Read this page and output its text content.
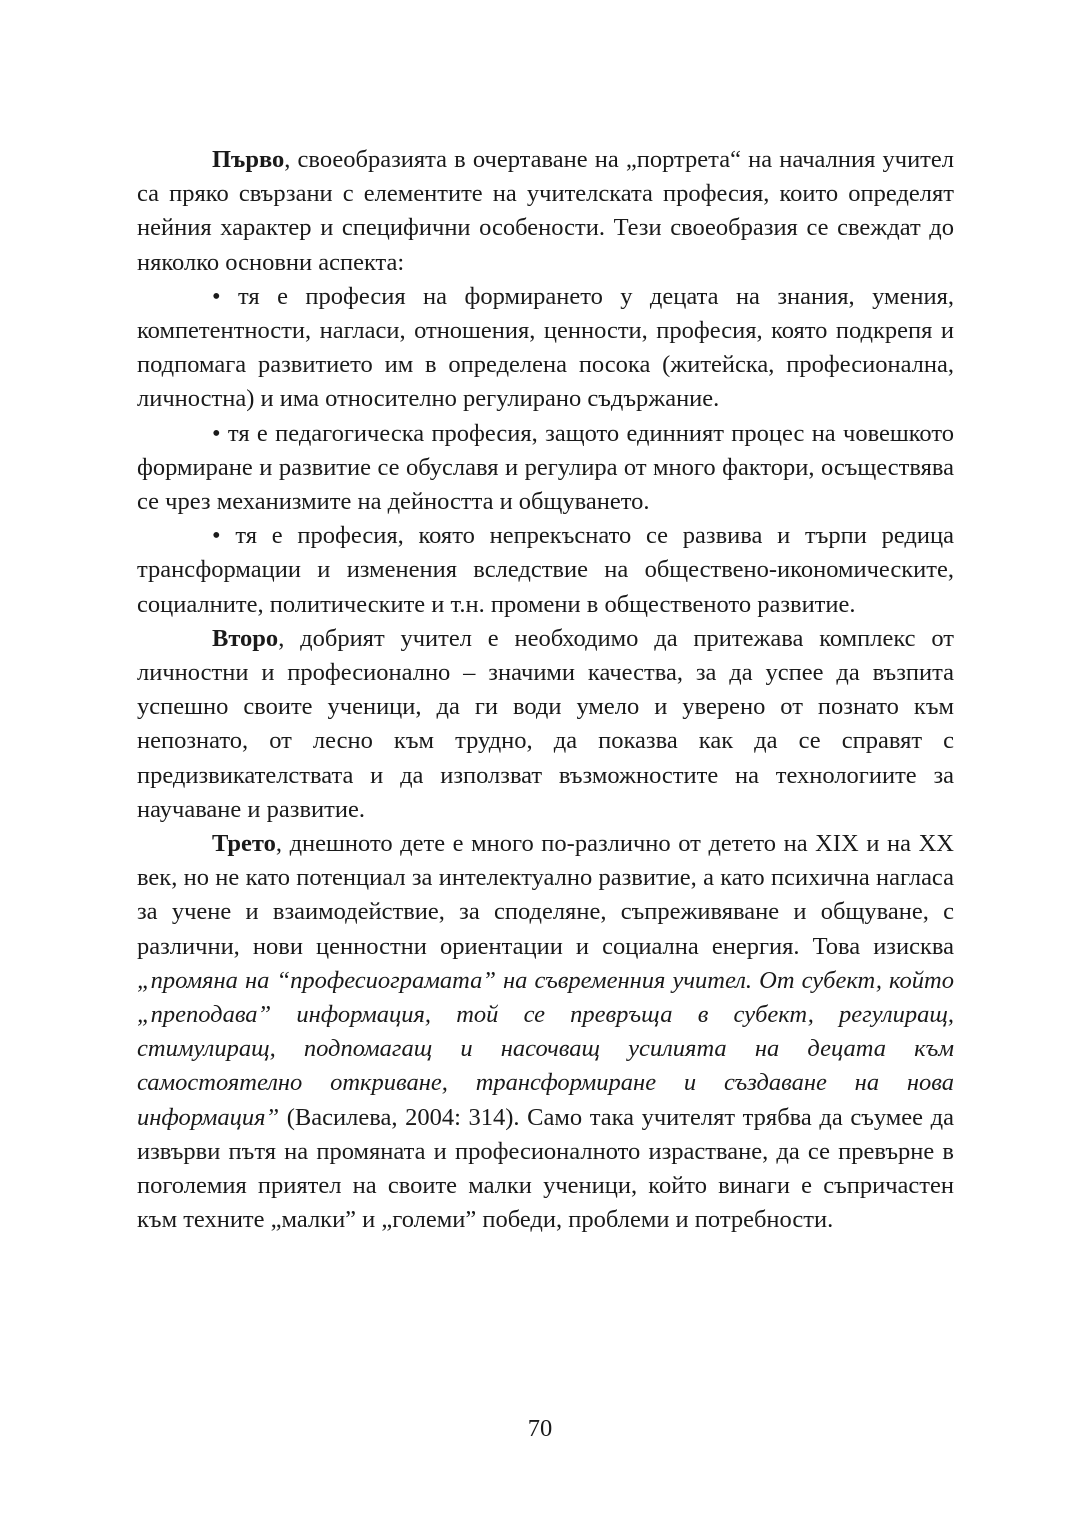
Първо, своеобразията в очертаване на „портрета“ на началния учител са пряко свързани с елементите на учителската професия, които определят нейния характер и специфични особености. Тези своеобразия се свеждат до няколко основни аспекта:

• тя е професия на формирането у децата на знания, умения, компетентности, нагласи, отношения, ценности, професия, която подкрепя и подпомага развитието им в определена посока (житейска, професионална, личностна) и има относително регулирано съдържание.

• тя е педагогическа професия, защото единният процес на човешкото формиране и развитие се обуславя и регулира от много фактори, осъществява се чрез механизмите на дейността и общуването.

• тя е професия, която непрекъснато се развива и търпи редица трансформации и изменения вследствие на обществено-икономическите, социалните, политическите и т.н. промени в общественото развитие.

Второ, добрият учител е необходимо да притежава комплекс от личностни и професионално – значими качества, за да успее да възпита успешно своите ученици, да ги води умело и уверено от познато към непознато, от лесно към трудно, да показва как да се справят с предизвикателствата и да използват възможностите на технологиите за научаване и развитие.

Трето, днешното дете е много по-различно от детето на XIX и на XX век, но не като потенциал за интелектуално развитие, а като психична нагласа за учене и взаимодействие, за споделяне, съпреживяване и общуване, с различни, нови ценностни ориентации и социална енергия. Това изисква „промяна на “професиограмата” на съвременния учител. От субект, който „преподава” информация, той се превръща в субект, регулиращ, стимулиращ, подпомагащ и насочващ усилията на децата към самостоятелно откриване, трансформиране и създаване на нова информация” (Василева, 2004: 314). Само така учителят трябва да съумее да извърви пътя на промяната и професионалното израстване, да се превърне в поголемия приятел на своите малки ученици, който винаги е съпричастен към техните „малки” и „големи” победи, проблеми и потребности.

70
